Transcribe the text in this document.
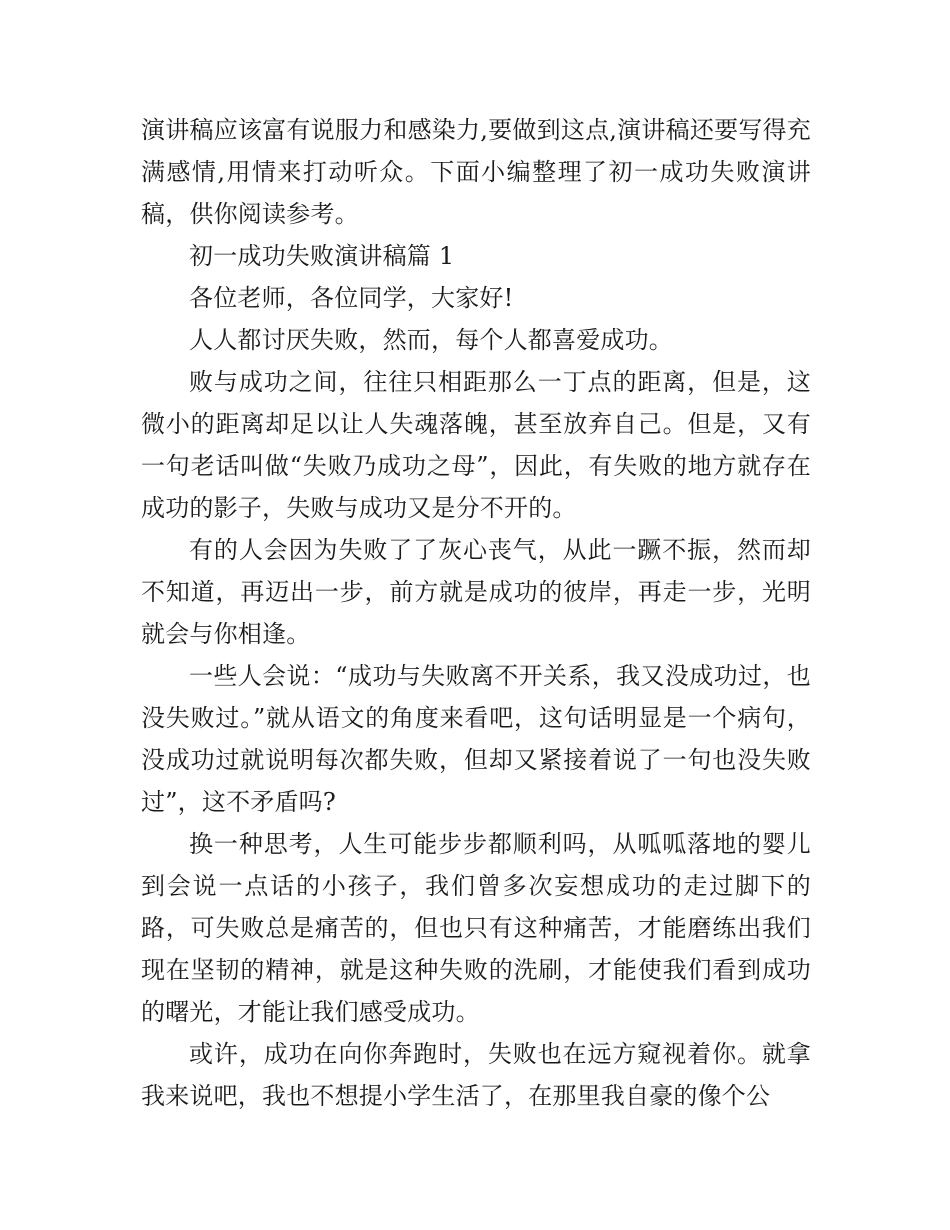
演讲稿应该富有说服力和感染力,要做到这点,演讲稿还要写得充满感情,用情来打动听众。下面小编整理了初一成功失败演讲稿，供你阅读参考。

初一成功失败演讲稿篇 1

各位老师，各位同学，大家好!

人人都讨厌失败，然而，每个人都喜爱成功。

败与成功之间，往往只相距那么一丁点的距离，但是，这微小的距离却足以让人失魂落魄，甚至放弃自己。但是，又有一句老话叫做“失败乃成功之母”，因此，有失败的地方就存在成功的影子，失败与成功又是分不开的。

有的人会因为失败了了灰心丧气，从此一蹶不振，然而却不知道，再迈出一步，前方就是成功的彼岸，再走一步，光明就会与你相逢。

一些人会说：“成功与失败离不开关系，我又没成功过，也没失败过。”就从语文的角度来看吧，这句话明显是一个病句，没成功过就说明每次都失败，但却又紧接着说了一句也没失败过”，这不矛盾吗?

换一种思考，人生可能步步都顺利吗，从呱呱落地的婴儿到会说一点话的小孩子，我们曾多次妄想成功的走过脚下的路，可失败总是痛苦的，但也只有这种痛苦，才能磨练出我们现在坚韧的精神，就是这种失败的洗刷，才能使我们看到成功的曙光，才能让我们感受成功。

或许，成功在向你奔跑时，失败也在远方窥视着你。就拿我来说吧，我也不想提小学生活了，在那里我自豪的像个公
